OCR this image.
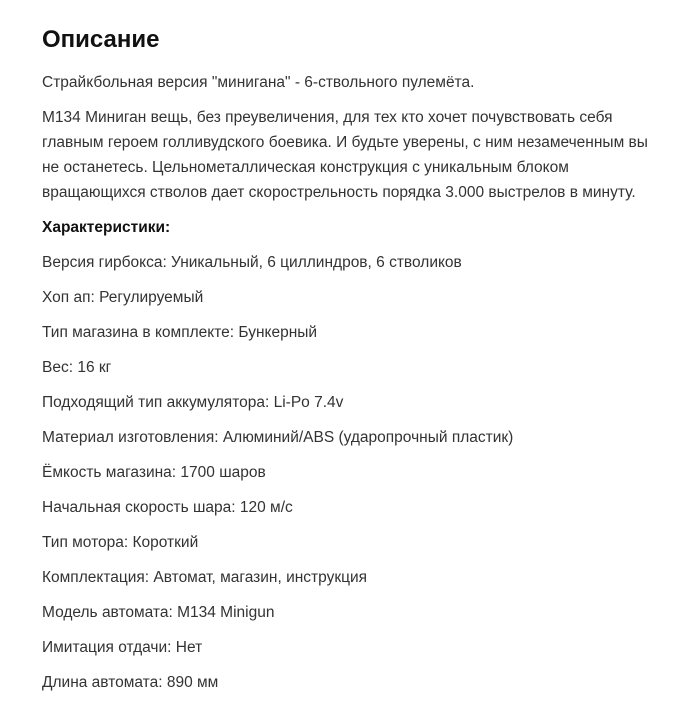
Описание

Страйкбольная версия "минигана" - 6-ствольного пулемёта.

M134 Миниган вещь, без преувеличения, для тех кто хочет почувствовать себя
главным героем голливудского боевика. И будьте уверены, с ним незамеченным вы
не останетесь. Цельнометаллическая конструкция с уникальным блоком
вращающихся стволов дает скорострельность порядка 3.000 выстрелов в минуту.

Характеристики:

Версия гирбокса: Уникальный, 6 циллиндров, 6 стволиков

Хоп ап: Регулируемый

Тип магазина в комплекте: Бункерный

Вес: 16 кг

Подходящий тип аккумулятора: Li-Po 7.4v

Материал изготовления: Алюминий/ABS (ударопрочный пластик)

Ёмкость магазина: 1700 шаров

Начальная скорость шара: 120 м/с

Тип мотора: Короткий

Комплектация: Автомат, магазин, инструкция

Модель автомата: M134 Minigun

Имитация отдачи: Нет

Длина автомата: 890 мм
